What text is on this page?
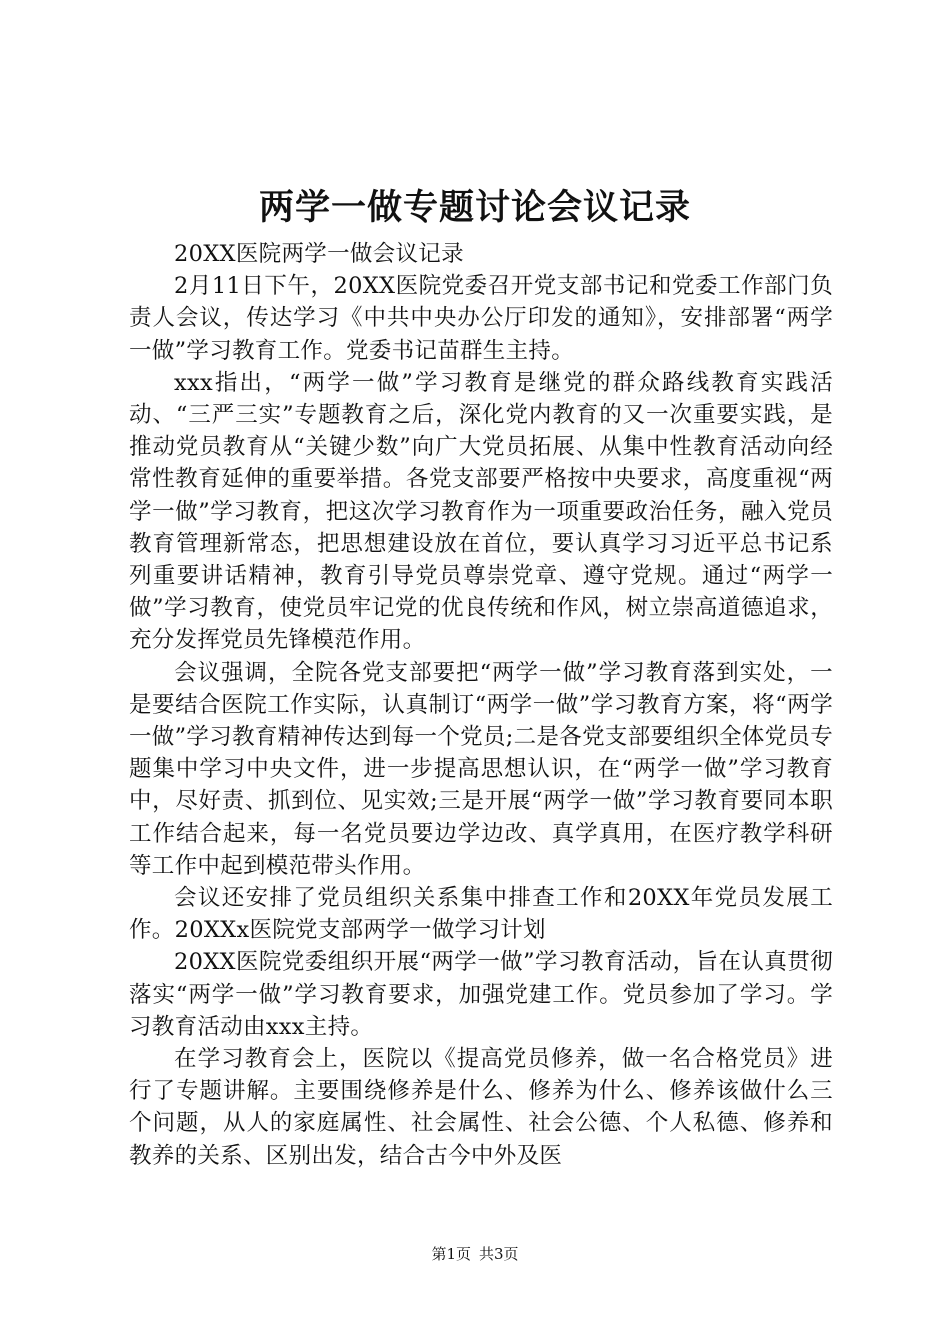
两学一做专题讨论会议记录

20XX医院两学一做会议记录

2月11日下午，20XX医院党委召开党支部书记和党委工作部门负责人会议，传达学习《中共中央办公厅印发的通知》，安排部署“两学一做”学习教育工作。党委书记苗群生主持。

xxx指出，“两学一做”学习教育是继党的群众路线教育实践活动、“三严三实”专题教育之后，深化党内教育的又一次重要实践，是推动党员教育从“关键少数”向广大党员拓展、从集中性教育活动向经常性教育延伸的重要举措。各党支部要严格按中央要求，高度重视“两学一做”学习教育，把这次学习教育作为一项重要政治任务，融入党员教育管理新常态，把思想建设放在首位，要认真学习习近平总书记系列重要讲话精神，教育引导党员尊崇党章、遵守党规。通过“两学一做”学习教育，使党员牢记党的优良传统和作风，树立崇高道德追求，充分发挥党员先锋模范作用。

会议强调，全院各党支部要把“两学一做”学习教育落到实处，一是要结合医院工作实际，认真制订“两学一做”学习教育方案，将“两学一做”学习教育精神传达到每一个党员;二是各党支部要组织全体党员专题集中学习中央文件，进一步提高思想认识，在“两学一做”学习教育中，尽好责、抓到位、见实效;三是开展“两学一做”学习教育要同本职工作结合起来，每一名党员要边学边改、真学真用，在医疗教学科研等工作中起到模范带头作用。

会议还安排了党员组织关系集中排查工作和20XX年党员发展工作。20XXx医院党支部两学一做学习计划

20XX医院党委组织开展“两学一做”学习教育活动，旨在认真贯彻落实“两学一做”学习教育要求，加强党建工作。党员参加了学习。学习教育活动由xxx主持。

在学习教育会上，医院以《提高党员修养，做一名合格党员》进行了专题讲解。主要围绕修养是什么、修养为什么、修养该做什么三个问题，从人的家庭属性、社会属性、社会公德、个人私德、修养和教养的关系、区别出发，结合古今中外及医

第1页 共3页
